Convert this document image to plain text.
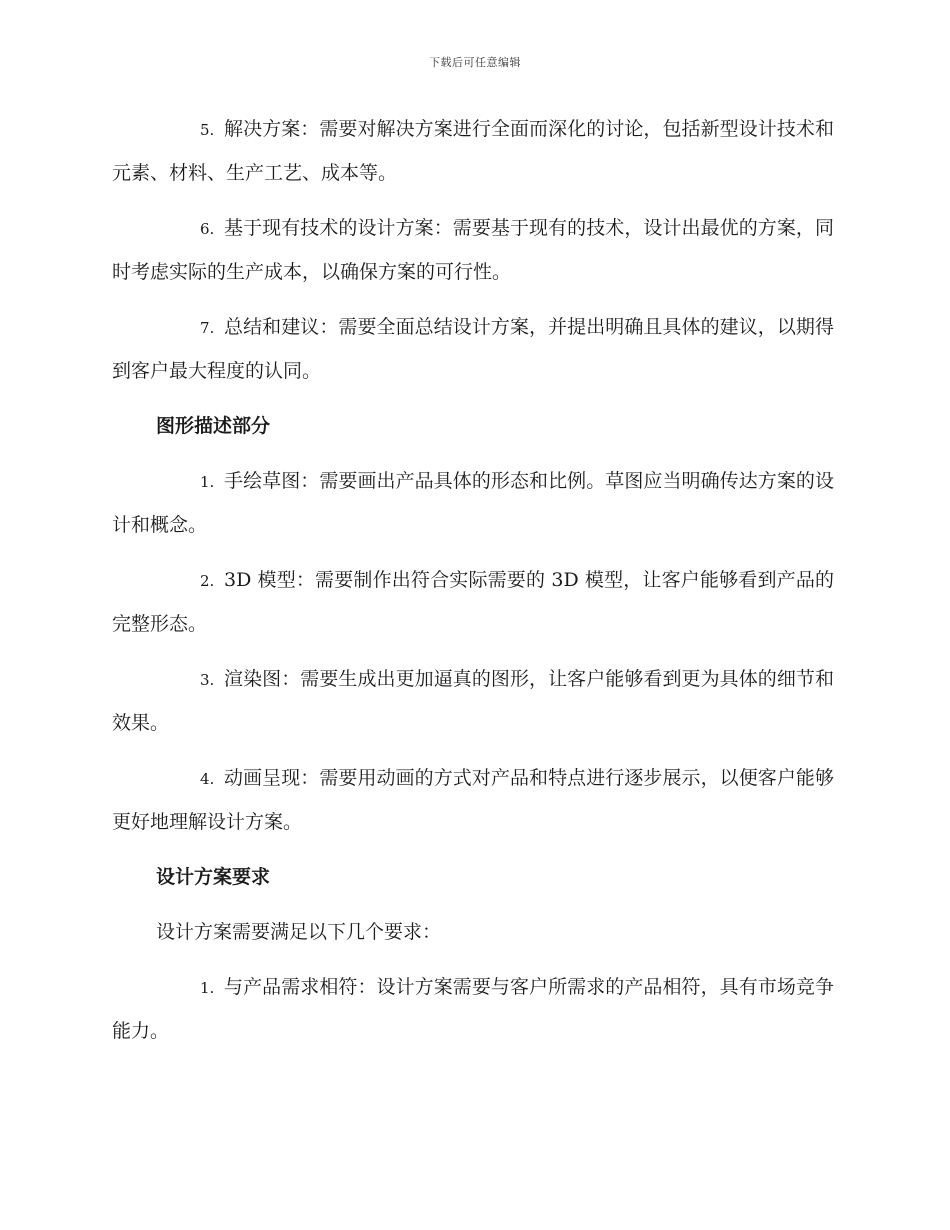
下载后可任意编辑

5. 解决方案：需要对解决方案进行全面而深化的讨论，包括新型设计技术和元素、材料、生产工艺、成本等。

6. 基于现有技术的设计方案：需要基于现有的技术，设计出最优的方案，同时考虑实际的生产成本，以确保方案的可行性。

7. 总结和建议：需要全面总结设计方案，并提出明确且具体的建议，以期得到客户最大程度的认同。

图形描述部分

1. 手绘草图：需要画出产品具体的形态和比例。草图应当明确传达方案的设计和概念。

2. 3D 模型：需要制作出符合实际需要的 3D 模型，让客户能够看到产品的完整形态。

3. 渲染图：需要生成出更加逼真的图形，让客户能够看到更为具体的细节和效果。

4. 动画呈现：需要用动画的方式对产品和特点进行逐步展示，以便客户能够更好地理解设计方案。

设计方案要求

设计方案需要满足以下几个要求：

1. 与产品需求相符：设计方案需要与客户所需求的产品相符，具有市场竞争能力。
